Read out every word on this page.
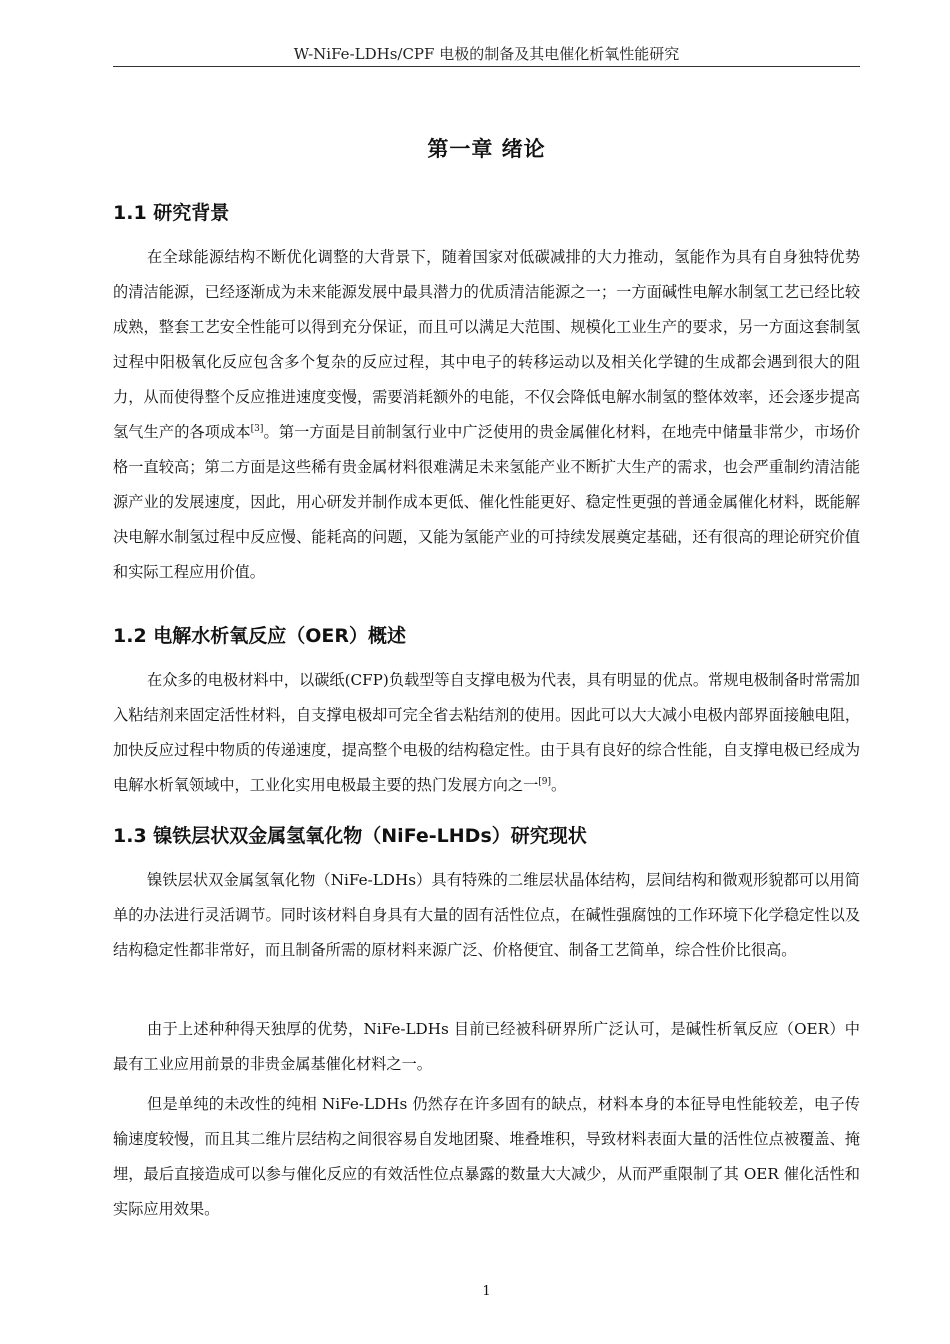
W-NiFe-LDHs/CPF 电极的制备及其电催化析氧性能研究
第一章 绪论
1.1 研究背景

在全球能源结构不断优化调整的大背景下，随着国家对低碳减排的大力推动，氢能作为具有自身独特优势的清洁能源，已经逐渐成为未来能源发展中最具潜力的优质清洁能源之一；一方面碱性电解水制氢工艺已经比较成熟，整套工艺安全性能可以得到充分保证，而且可以满足大范围、规模化工业生产的要求，另一方面这套制氢过程中阳极氧化反应包含多个复杂的反应过程，其中电子的转移运动以及相关化学键的生成都会遇到很大的阻力，从而使得整个反应推进速度变慢，需要消耗额外的电能，不仅会降低电解水制氢的整体效率，还会逐步提高氢气生产的各项成本[3]。第一方面是目前制氢行业中广泛使用的贵金属催化材料，在地壳中储量非常少，市场价格一直较高；第二方面是这些稀有贵金属材料很难满足未来氢能产业不断扩大生产的需求，也会严重制约清洁能源产业的发展速度，因此，用心研发并制作成本更低、催化性能更好、稳定性更强的普通金属催化材料，既能解决电解水制氢过程中反应慢、能耗高的问题，又能为氢能产业的可持续发展奠定基础，还有很高的理论研究价值和实际工程应用价值。

1.2 电解水析氧反应（OER）概述

在众多的电极材料中，以碳纸(CFP)负载型等自支撑电极为代表，具有明显的优点。常规电极制备时常需加入粘结剂来固定活性材料，自支撑电极却可完全省去粘结剂的使用。因此可以大大减小电极内部界面接触电阻，加快反应过程中物质的传递速度，提高整个电极的结构稳定性。由于具有良好的综合性能，自支撑电极已经成为电解水析氧领域中，工业化实用电极最主要的热门发展方向之一[9]。

1.3 镍铁层状双金属氢氧化物（NiFe-LHDs）研究现状

镍铁层状双金属氢氧化物（NiFe-LDHs）具有特殊的二维层状晶体结构，层间结构和微观形貌都可以用简单的办法进行灵活调节。同时该材料自身具有大量的固有活性位点，在碱性强腐蚀的工作环境下化学稳定性以及结构稳定性都非常好，而且制备所需的原材料来源广泛、价格便宜、制备工艺简单，综合性价比很高。

由于上述种种得天独厚的优势，NiFe-LDHs 目前已经被科研界所广泛认可，是碱性析氧反应（OER）中最有工业应用前景的非贵金属基催化材料之一。

但是单纯的未改性的纯相 NiFe-LDHs 仍然存在许多固有的缺点，材料本身的本征导电性能较差，电子传输速度较慢，而且其二维片层结构之间很容易自发地团聚、堆叠堆积，导致材料表面大量的活性位点被覆盖、掩埋，最后直接造成可以参与催化反应的有效活性位点暴露的数量大大减少，从而严重限制了其 OER 催化活性和实际应用效果。

1
